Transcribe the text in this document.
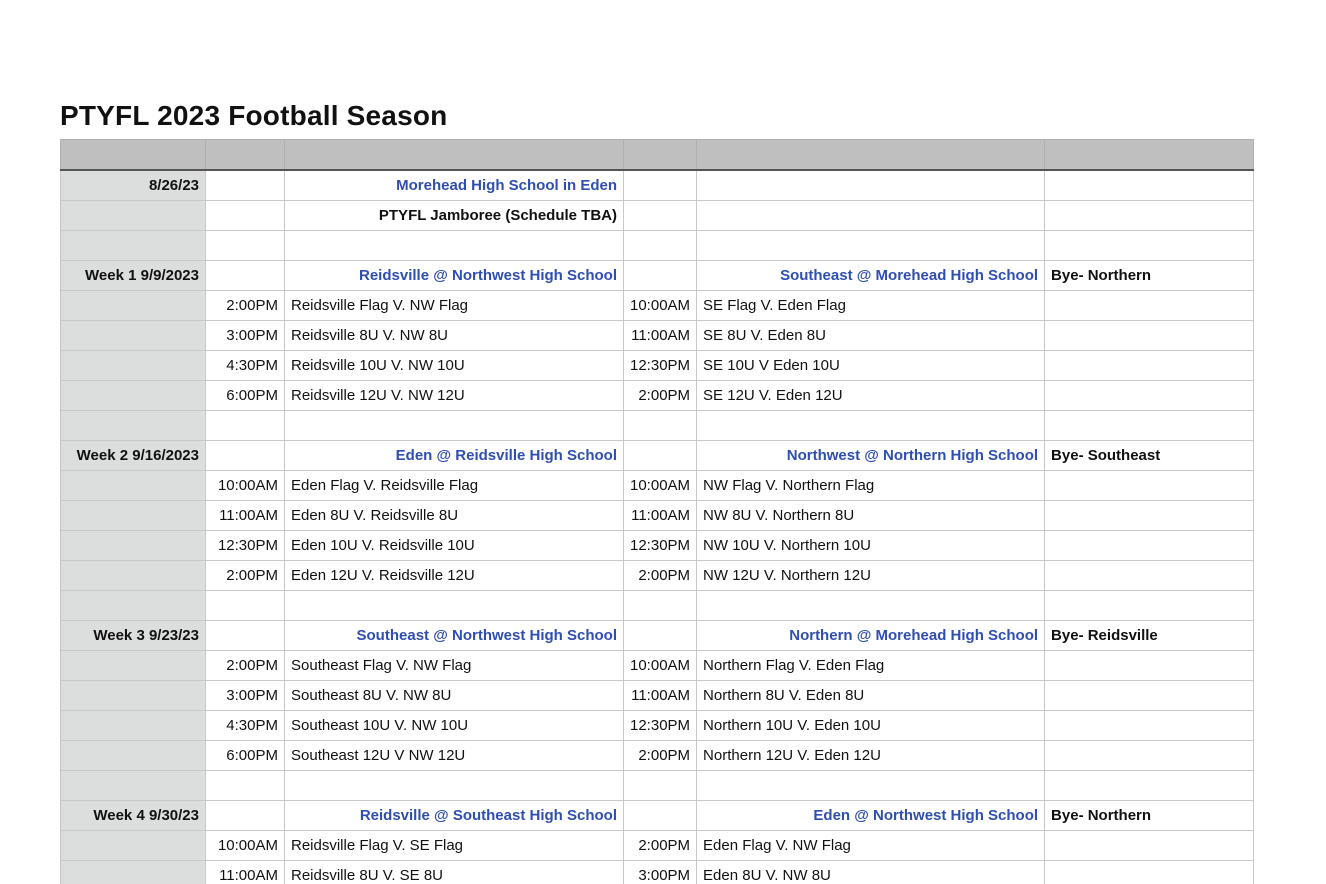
PTYFL 2023 Football Season

8/26/23		Morehead High School in Eden			
		PTYFL Jamboree (Schedule TBA)			

Week 1 9/9/2023		Reidsville @ Northwest High School		Southeast @ Morehead High School	Bye- Northern
	2:00PM	Reidsville Flag V. NW Flag	10:00AM	SE Flag V. Eden Flag	
	3:00PM	Reidsville 8U V. NW 8U	11:00AM	SE 8U V. Eden 8U	
	4:30PM	Reidsville 10U V. NW 10U	12:30PM	SE 10U V Eden 10U	
	6:00PM	Reidsville 12U V. NW 12U	2:00PM	SE 12U V. Eden 12U	

Week 2 9/16/2023		Eden @ Reidsville High School		Northwest @ Northern High School	Bye- Southeast
	10:00AM	Eden Flag V. Reidsville Flag	10:00AM	NW Flag V. Northern Flag	
	11:00AM	Eden 8U V. Reidsville 8U	11:00AM	NW 8U V. Northern 8U	
	12:30PM	Eden 10U V. Reidsville 10U	12:30PM	NW 10U V. Northern 10U	
	2:00PM	Eden 12U V. Reidsville 12U	2:00PM	NW 12U V. Northern 12U	

Week 3 9/23/23		Southeast @ Northwest High School		Northern @ Morehead High School	Bye- Reidsville
	2:00PM	Southeast Flag V. NW Flag	10:00AM	Northern Flag V. Eden Flag	
	3:00PM	Southeast 8U V. NW 8U	11:00AM	Northern 8U V. Eden 8U	
	4:30PM	Southeast 10U V. NW 10U	12:30PM	Northern 10U V. Eden 10U	
	6:00PM	Southeast 12U V NW 12U	2:00PM	Northern 12U V. Eden 12U	

Week 4 9/30/23		Reidsville @ Southeast High School		Eden @ Northwest High School	Bye- Northern
	10:00AM	Reidsville Flag V. SE Flag	2:00PM	Eden Flag V. NW Flag	
	11:00AM	Reidsville 8U V. SE 8U	3:00PM	Eden 8U V. NW 8U	
